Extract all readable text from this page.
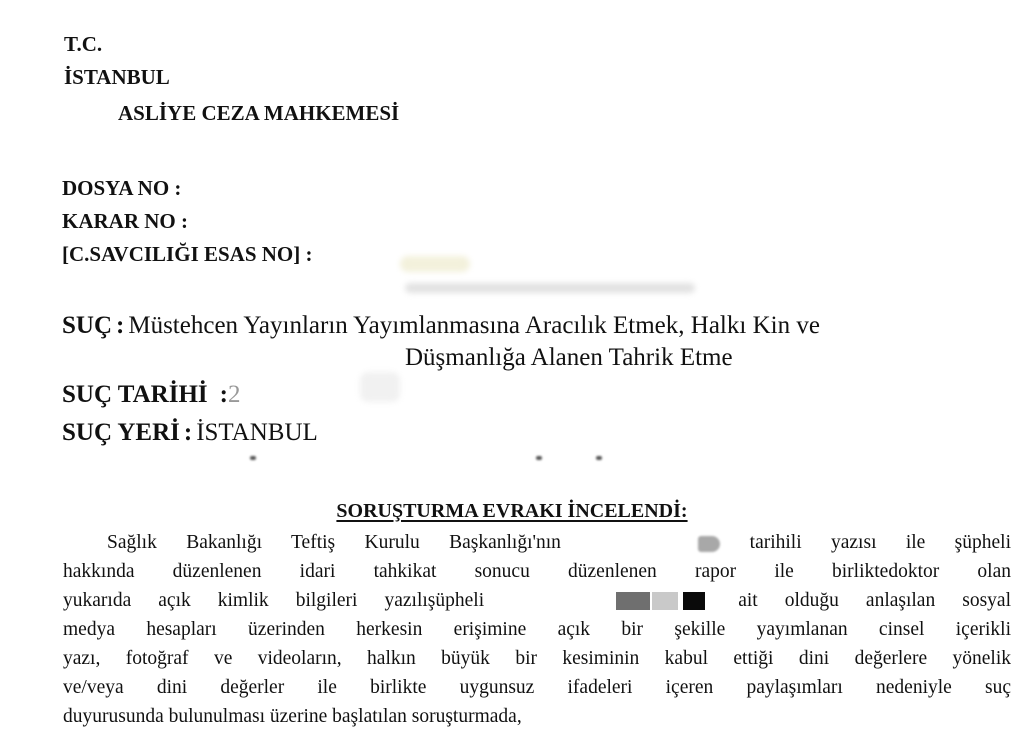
T.C.
İSTANBUL
ASLİYE CEZA MAHKEMESİ
DOSYA NO :
KARAR NO :
[C.SAVCILIĞI ESAS NO] :
SUÇ : Müstehcen Yayınların Yayımlanmasına Aracılık Etmek, Halkı Kin ve
Düşmanlığa Alanen Tahrik Etme
SUÇ TARİHİ :2
SUÇ YERİ : İSTANBUL
SORUŞTURMA EVRAKI İNCELENDİ:
Sağlık Bakanlığı Teftiş Kurulu Başkanlığı'nın	tarihili yazısı ile şüpheli
hakkında düzenlenen idari tahkikat sonucu düzenlenen rapor ile birliktedoktor olan
yukarıda açık kimlik bilgileri yazılışüpheli	ait olduğu anlaşılan sosyal
medya hesapları üzerinden herkesin erişimine açık bir şekille yayımlanan cinsel içerikli
yazı, fotoğraf ve videoların, halkın büyük bir kesiminin kabul ettiği dini değerlere yönelik
ve/veya dini değerler ile birlikte uygunsuz ifadeleri içeren paylaşımları nedeniyle suç
duyurusunda bulunulması üzerine başlatılan soruşturmada,
